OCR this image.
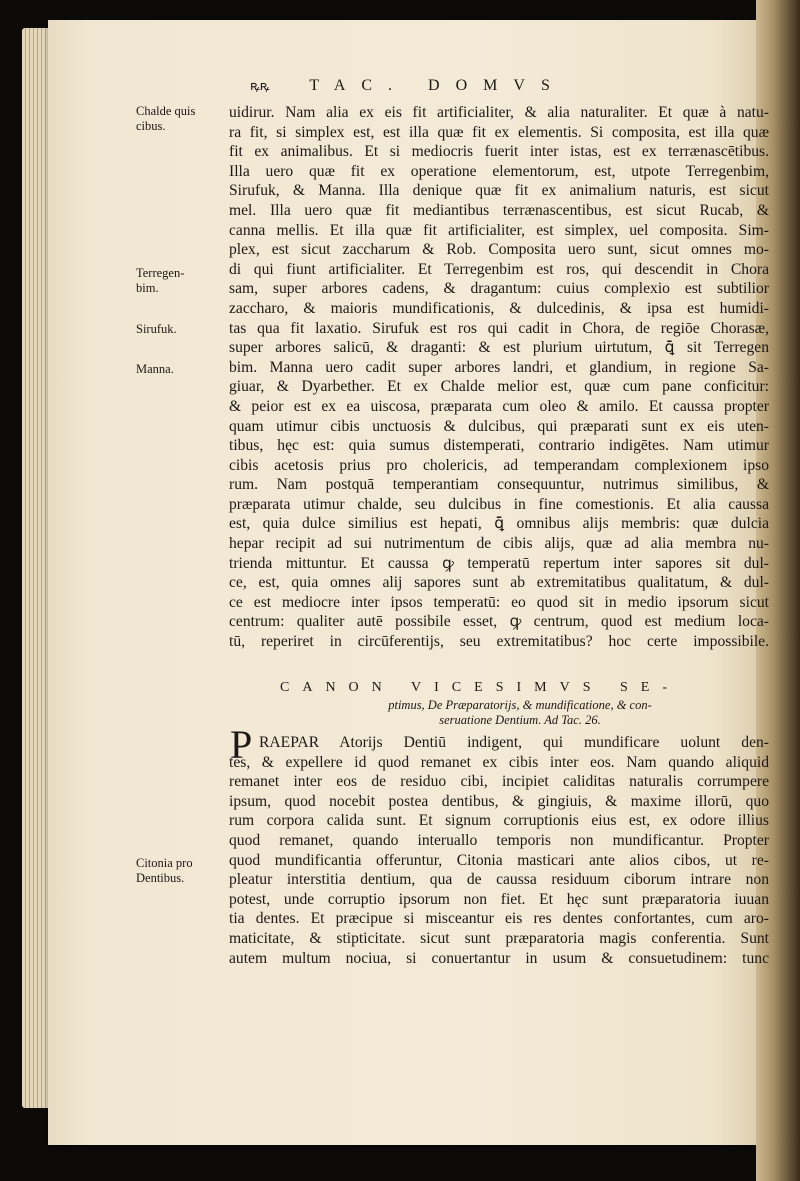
ꝶꝶ TAC. DOMVS
Chalde quis
cibus.
Terregen-
bim.
Sirufuk.
Manna.
Citonia pro
Dentibus.
uidirur. Nam alia ex eis fit artificialiter, & alia naturaliter. Et quæ à natu-
ra fit, si simplex est, est illa quæ fit ex elementis. Si composita, est illa quæ
fit ex animalibus. Et si mediocris fuerit inter istas, est ex terrænascētibus.
Illa uero quæ fit ex operatione elementorum, est, utpote Terregenbim,
Sirufuk, & Manna. Illa denique quæ fit ex animalium naturis, est sicut
mel. Illa uero quæ fit mediantibus terrænascentibus, est sicut Rucab, &
canna mellis. Et illa quæ fit artificialiter, est simplex, uel composita. Sim-
plex, est sicut zaccharum & Rob. Composita uero sunt, sicut omnes mo-
di qui fiunt artificialiter. Et Terregenbim est ros, qui descendit in Chora
sam, super arbores cadens, & dragantum: cuius complexio est subtilior
zaccharo, & maioris mundificationis, & dulcedinis, & ipsa est humidi-
tas qua fit laxatio. Sirufuk est ros qui cadit in Chora, de regiōe Chorasæ,
super arbores salicū, & draganti: & est plurium uirtutum, ꝗ̄ sit Terregen
bim. Manna uero cadit super arbores landri, et glandium, in regione Sa-
giuar, & Dyarbether. Et ex Chalde melior est, quæ cum pane conficitur:
& peior est ex ea uiscosa, præparata cum oleo & amilo. Et caussa propter
quam utimur cibis unctuosis & dulcibus, qui præparati sunt ex eis uten-
tibus, hęc est: quia sumus distemperati, contrario indigētes. Nam utimur
cibis acetosis prius pro cholericis, ad temperandam complexionem ipso
rum. Nam postquā temperantiam consequuntur, nutrimus similibus, &
præparata utimur chalde, seu dulcibus in fine comestionis. Et alia caussa
est, quia dulce similius est hepati, ꝗ̄ omnibus alijs membris: quæ dulcia
hepar recipit ad sui nutrimentum de cibis alijs, quæ ad alia membra nu-
trienda mittuntur. Et caussa ꝙ temperatū repertum inter sapores sit dul-
ce, est, quia omnes alij sapores sunt ab extremitatibus qualitatum, & dul-
ce est mediocre inter ipsos temperatū: eo quod sit in medio ipsorum sicut
centrum: qualiter autē possibile esset, ꝙ centrum, quod est medium loca-
tū, reperiret in circūferentijs, seu extremitatibus? hoc certe impossibile.
CANON VICESIMVS SE-
ptimus, De Præparatorijs, & mundificatione, & con-
seruatione Dentium. Ad Tac. 26.
P RAEPAR Atorijs Dentiū indigent, qui mundificare uolunt den-
tes, & expellere id quod remanet ex cibis inter eos. Nam quando aliquid
remanet inter eos de residuo cibi, incipiet caliditas naturalis corrumpere
ipsum, quod nocebit postea dentibus, & gingiuis, & maxime illorū, quo
rum corpora calida sunt. Et signum corruptionis eius est, ex odore illius
quod remanet, quando interuallo temporis non mundificantur. Propter
quod mundificantia offeruntur, Citonia masticari ante alios cibos, ut re-
pleatur interstitia dentium, qua de caussa residuum ciborum intrare non
potest, unde corruptio ipsorum non fiet. Et hęc sunt præparatoria iuuan
tia dentes. Et præcipue si misceantur eis res dentes confortantes, cum aro-
maticitate, & stipticitate. sicut sunt præparatoria magis conferentia. Sunt
autem multum nociua, si conuertantur in usum & consuetudinem: tunc
